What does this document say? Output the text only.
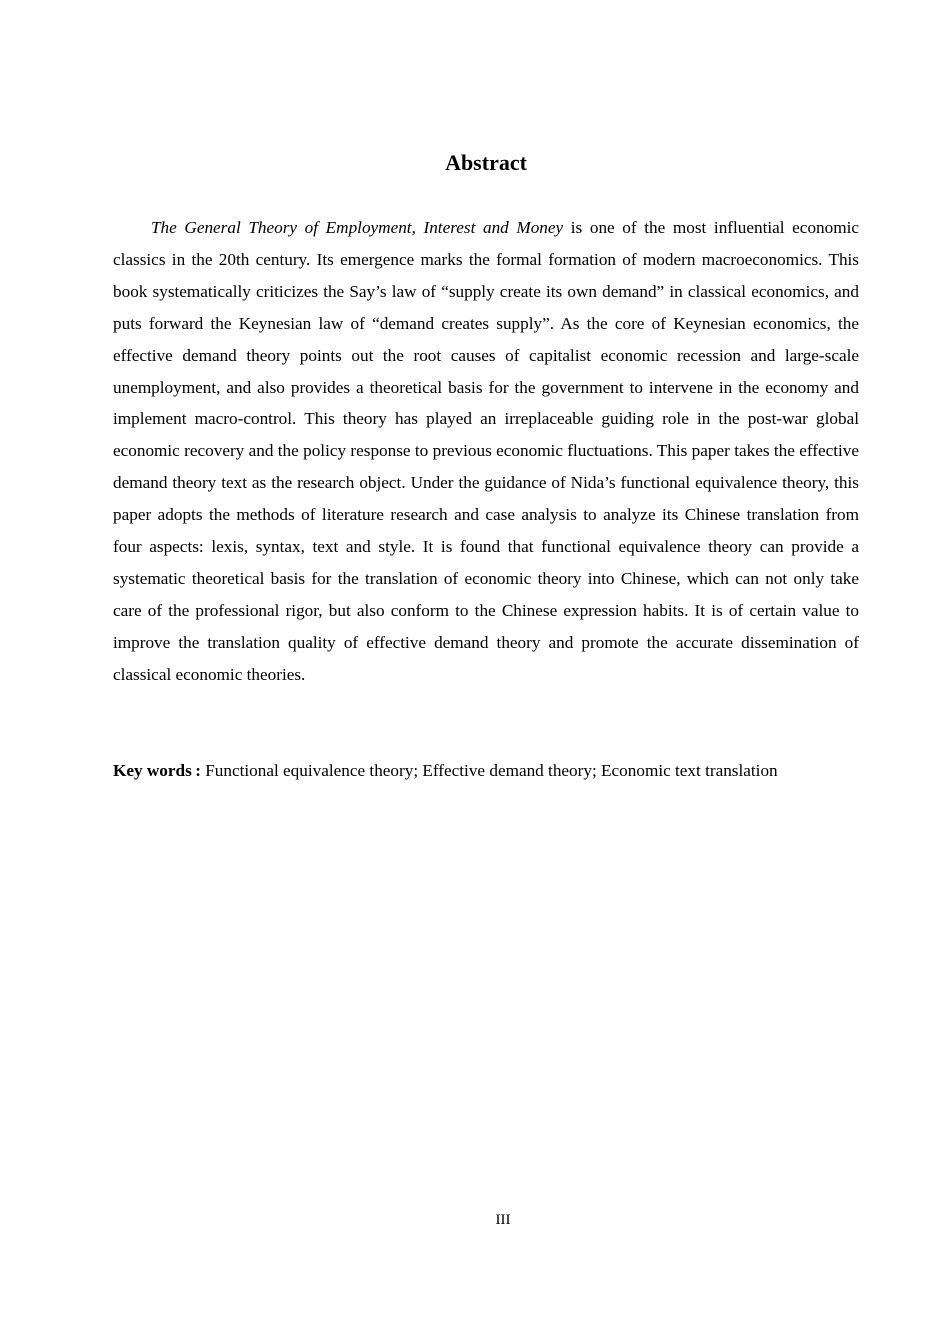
Abstract

The General Theory of Employment, Interest and Money is one of the most influential economic classics in the 20th century. Its emergence marks the formal formation of modern macroeconomics. This book systematically criticizes the Say’s law of “supply create its own demand” in classical economics, and puts forward the Keynesian law of “demand creates supply”. As the core of Keynesian economics, the effective demand theory points out the root causes of capitalist economic recession and large-scale unemployment, and also provides a theoretical basis for the government to intervene in the economy and implement macro-control. This theory has played an irreplaceable guiding role in the post-war global economic recovery and the policy response to previous economic fluctuations. This paper takes the effective demand theory text as the research object. Under the guidance of Nida’s functional equivalence theory, this paper adopts the methods of literature research and case analysis to analyze its Chinese translation from four aspects: lexis, syntax, text and style. It is found that functional equivalence theory can provide a systematic theoretical basis for the translation of economic theory into Chinese, which can not only take care of the professional rigor, but also conform to the Chinese expression habits. It is of certain value to improve the translation quality of effective demand theory and promote the accurate dissemination of classical economic theories.

Key words : Functional equivalence theory; Effective demand theory; Economic text translation

III
